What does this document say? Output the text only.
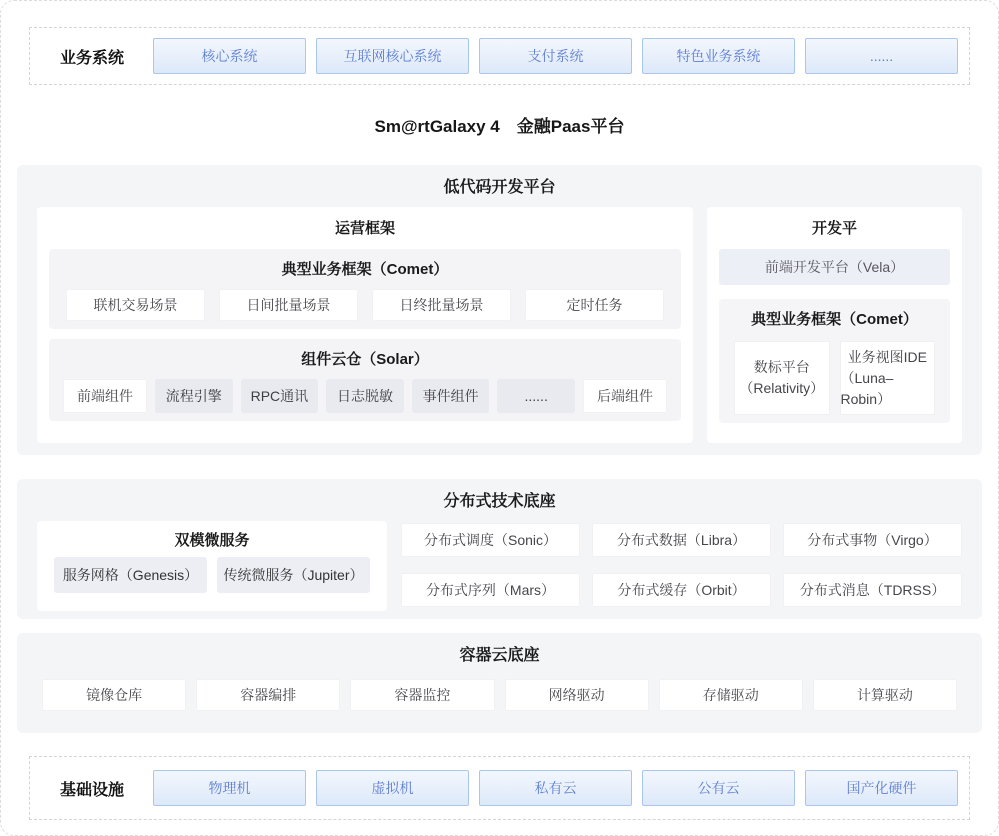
业务系统	核心系统	互联网核心系统	支付系统	特色业务系统	......
Sm@rtGalaxy 4　金融Paas平台
低代码开发平台
运营框架
典型业务框架（Comet）
联机交易场景	日间批量场景	日终批量场景	定时任务
组件云仓（Solar）
前端组件	流程引擎	RPC通讯	日志脱敏	事件组件	......	后端组件
开发平
前端开发平台（Vela）
典型业务框架（Comet）
数标平台
（Relativity）
业务视图IDE
（Luna–Robin）
分布式技术底座
双模微服务
服务网格（Genesis）	传统微服务（Jupiter）
分布式调度（Sonic）	分布式数据（Libra）	分布式事物（Virgo）
分布式序列（Mars）	分布式缓存（Orbit）	分布式消息（TDRSS）
容器云底座
镜像仓库	容器编排	容器监控	网络驱动	存储驱动	计算驱动
基础设施	物理机	虚拟机	私有云	公有云	国产化硬件
